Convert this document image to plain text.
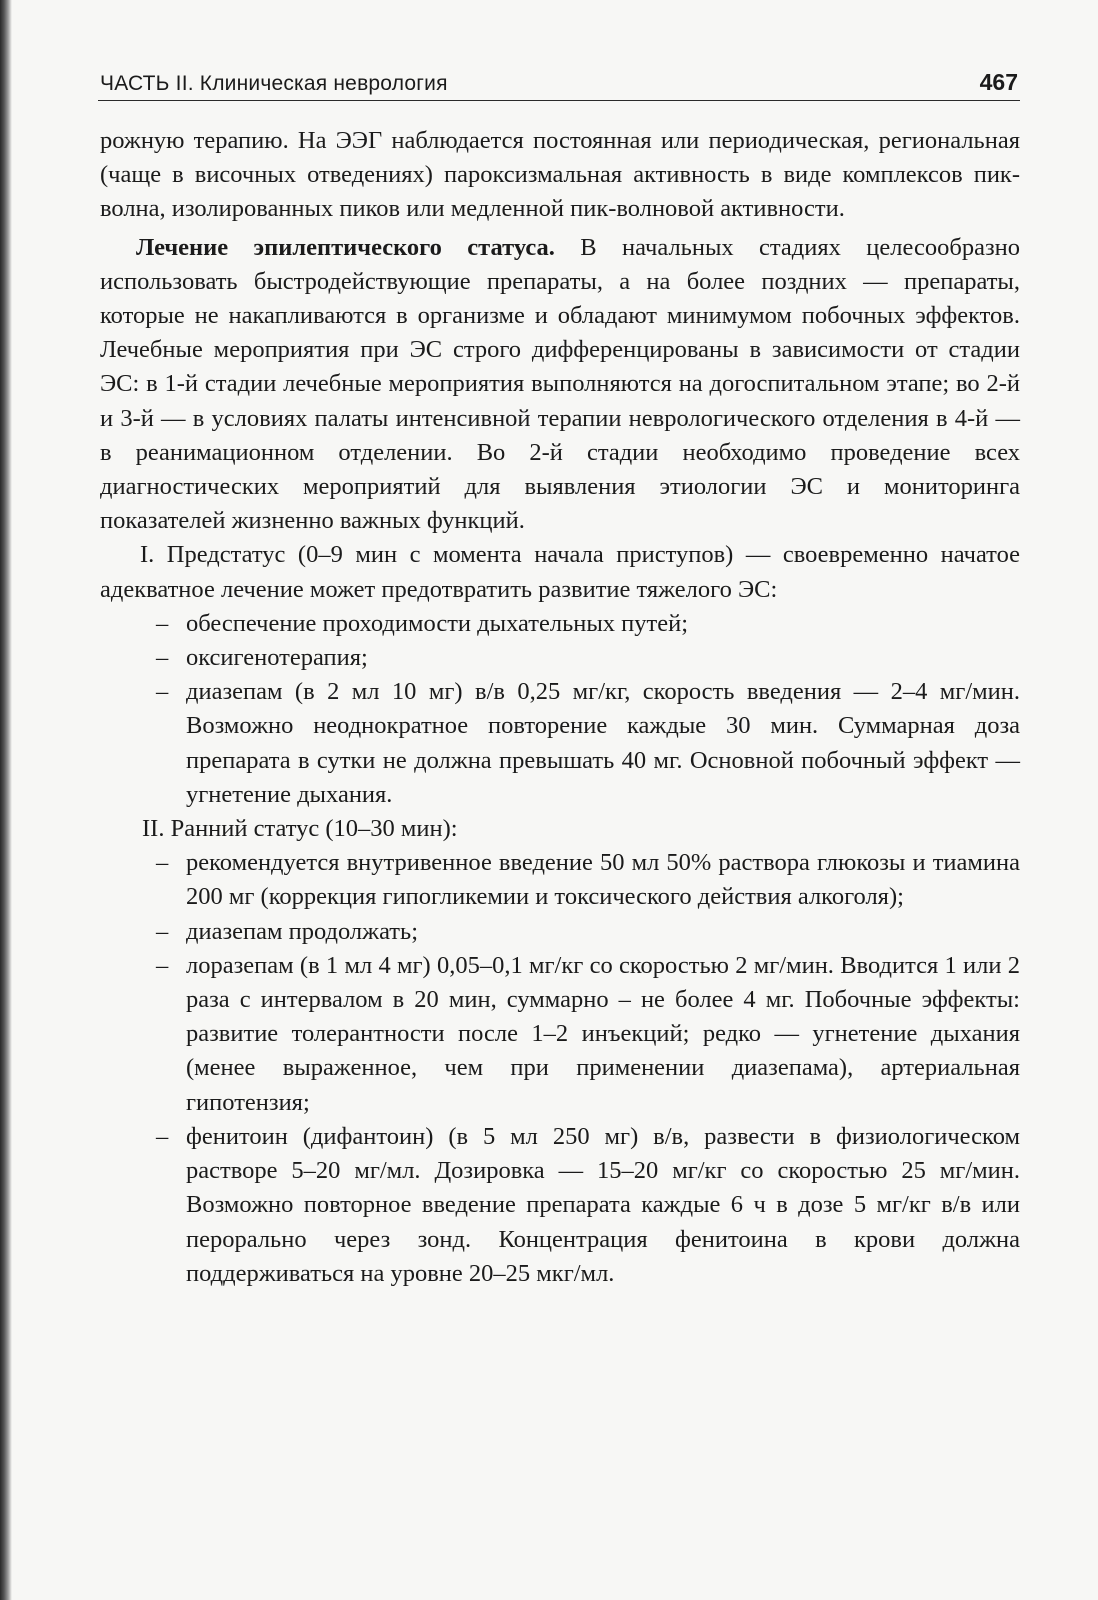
ЧАСТЬ II. Клиническая неврология	467

рожную терапию. На ЭЭГ наблюдается постоянная или периодическая, региональная (чаще в височных отведениях) пароксизмальная активность в виде комплексов пик-волна, изолированных пиков или медленной пик-волновой активности.

Лечение эпилептического статуса. В начальных стадиях целесообразно использовать быстродействующие препараты, а на более поздних — препараты, которые не накапливаются в организме и обладают минимумом побочных эффектов. Лечебные мероприятия при ЭС строго дифференцированы в зависимости от стадии ЭС: в 1-й стадии лечебные мероприятия выполняются на догоспитальном этапе; во 2-й и 3-й — в условиях палаты интенсивной терапии неврологического отделения в 4-й — в реанимационном отделении. Во 2-й стадии необходимо проведение всех диагностических мероприятий для выявления этиологии ЭС и мониторинга показателей жизненно важных функций.

I. Предстатус (0–9 мин с момента начала приступов) — своевременно начатое адекватное лечение может предотвратить развитие тяжелого ЭС:

– обеспечение проходимости дыхательных путей;
– оксигенотерапия;
– диазепам (в 2 мл 10 мг) в/в 0,25 мг/кг, скорость введения — 2–4 мг/мин. Возможно неоднократное повторение каждые 30 мин. Суммарная доза препарата в сутки не должна превышать 40 мг. Основной побочный эффект — угнетение дыхания.

II. Ранний статус (10–30 мин):

– рекомендуется внутривенное введение 50 мл 50% раствора глюкозы и тиамина 200 мг (коррекция гипогликемии и токсического действия алкоголя);
– диазепам продолжать;
– лоразепам (в 1 мл 4 мг) 0,05–0,1 мг/кг со скоростью 2 мг/мин. Вводится 1 или 2 раза с интервалом в 20 мин, суммарно – не более 4 мг. Побочные эффекты: развитие толерантности после 1–2 инъекций; редко — угнетение дыхания (менее выраженное, чем при применении диазепама), артериальная гипотензия;
– фенитоин (дифантоин) (в 5 мл 250 мг) в/в, развести в физиологическом растворе 5–20 мг/мл. Дозировка — 15–20 мг/кг со скоростью 25 мг/мин. Возможно повторное введение препарата каждые 6 ч в дозе 5 мг/кг в/в или перорально через зонд. Концентрация фенитоина в крови должна поддерживаться на уровне 20–25 мкг/мл.
